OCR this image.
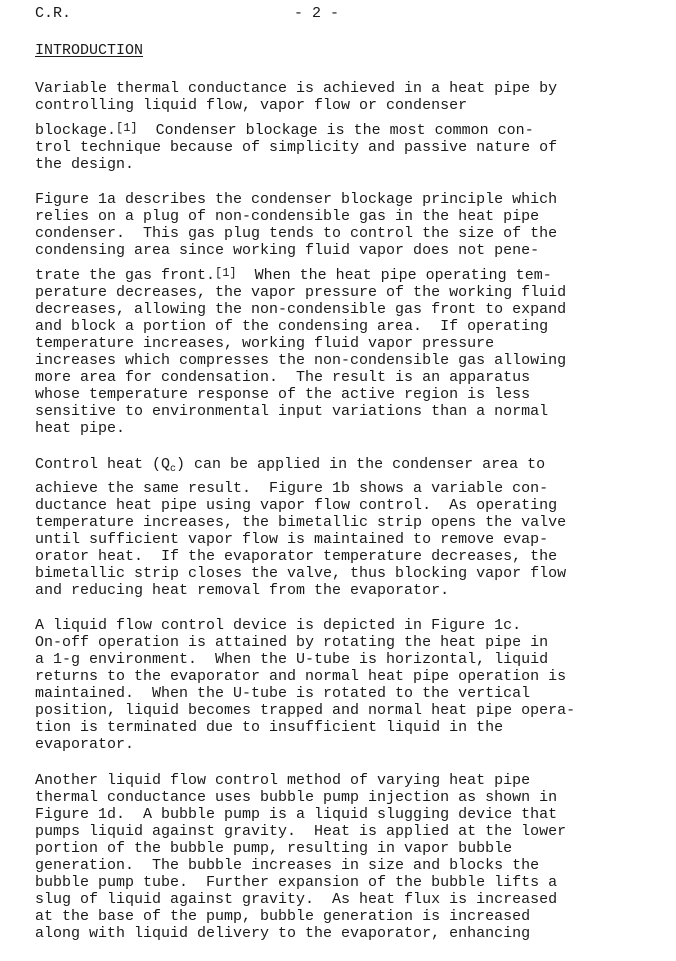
C.R.	- 2 -
INTRODUCTION
Variable thermal conductance is achieved in a heat pipe by
controlling liquid flow, vapor flow or condenser
blockage.[1]  Condenser blockage is the most common con-
trol technique because of simplicity and passive nature of
the design.
Figure 1a describes the condenser blockage principle which
relies on a plug of non-condensible gas in the heat pipe
condenser.  This gas plug tends to control the size of the
condensing area since working fluid vapor does not pene-
trate the gas front.[1]  When the heat pipe operating tem-
perature decreases, the vapor pressure of the working fluid
decreases, allowing the non-condensible gas front to expand
and block a portion of the condensing area.  If operating
temperature increases, working fluid vapor pressure
increases which compresses the non-condensible gas allowing
more area for condensation.  The result is an apparatus
whose temperature response of the active region is less
sensitive to environmental input variations than a normal
heat pipe.
Control heat $(Q_c)$ can be applied in the condenser area to
achieve the same result.  Figure 1b shows a variable con-
ductance heat pipe using vapor flow control.  As operating
temperature increases, the bimetallic strip opens the valve
until sufficient vapor flow is maintained to remove evap-
orator heat.  If the evaporator temperature decreases, the
bimetallic strip closes the valve, thus blocking vapor flow
and reducing heat removal from the evaporator.
A liquid flow control device is depicted in Figure 1c.
On-off operation is attained by rotating the heat pipe in
a 1-g environment.  When the U-tube is horizontal, liquid
returns to the evaporator and normal heat pipe operation is
maintained.  When the U-tube is rotated to the vertical
position, liquid becomes trapped and normal heat pipe opera-
tion is terminated due to insufficient liquid in the
evaporator.
Another liquid flow control method of varying heat pipe
thermal conductance uses bubble pump injection as shown in
Figure 1d.  A bubble pump is a liquid slugging device that
pumps liquid against gravity.  Heat is applied at the lower
portion of the bubble pump, resulting in vapor bubble
generation.  The bubble increases in size and blocks the
bubble pump tube.  Further expansion of the bubble lifts a
slug of liquid against gravity.  As heat flux is increased
at the base of the pump, bubble generation is increased
along with liquid delivery to the evaporator, enhancing
